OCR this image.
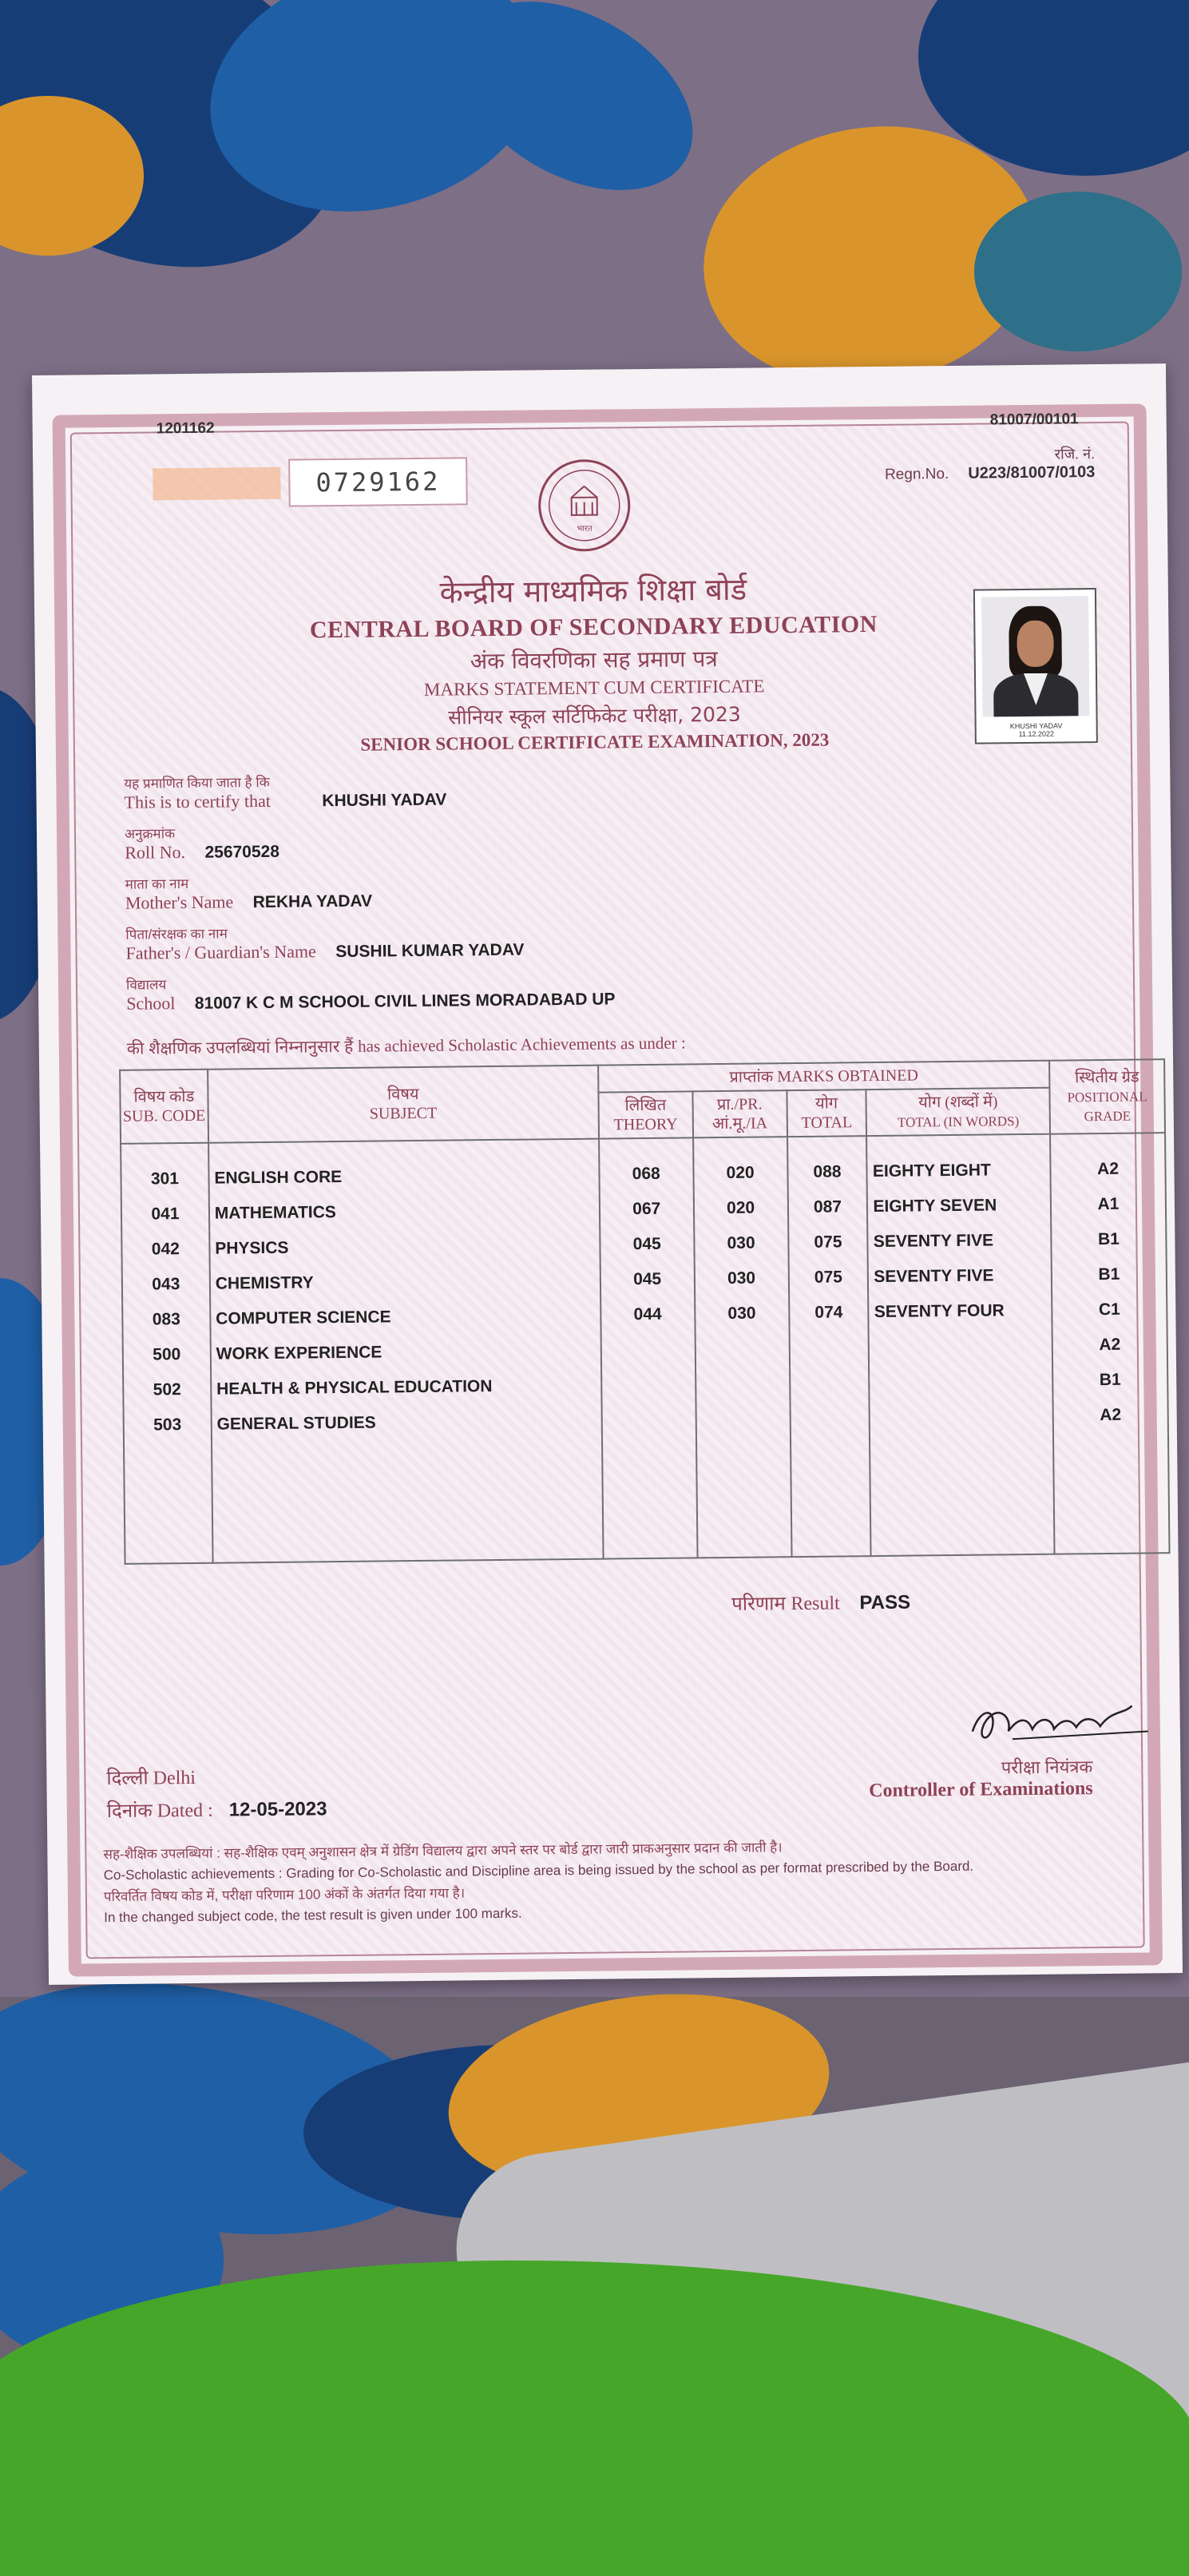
1201162
81007/00101
0729162
रजि. नं.
Regn.No. U223/81007/0103
भारत

केन्द्रीय माध्यमिक शिक्षा बोर्ड

CENTRAL BOARD OF SECONDARY EDUCATION

अंक विवरणिका सह प्रमाण पत्र

MARKS STATEMENT CUM CERTIFICATE

सीनियर स्कूल सर्टिफिकेट परीक्षा, 2023

SENIOR SCHOOL CERTIFICATE EXAMINATION, 2023

KHUSHI YADAV
11.12.2022
यह प्रमाणित किया जाता है कि
This is to certify that	KHUSHI YADAV
अनुक्रमांक
Roll No. 25670528
माता का नाम
Mother's Name REKHA YADAV
पिता/संरक्षक का नाम
Father's / Guardian's Name SUSHIL KUMAR YADAV
विद्यालय
School 81007 K C M SCHOOL CIVIL LINES MORADABAD UP
की शैक्षणिक उपलब्धियां निम्नानुसार हैं has achieved Scholastic Achievements as under :
विषय कोड
SUB. CODE	विषय
SUBJECT	प्राप्तांक MARKS OBTAINED				स्थितीय ग्रेड
POSITIONAL GRADE
		लिखित
THEORY	प्रा./PR.
आं.मू./IA	योग
TOTAL	योग (शब्दों में)
TOTAL (IN WORDS)	
301	ENGLISH CORE	068	020	088	EIGHTY EIGHT	A2
041	MATHEMATICS	067	020	087	EIGHTY SEVEN	A1
042	PHYSICS	045	030	075	SEVENTY FIVE	B1
043	CHEMISTRY	045	030	075	SEVENTY FIVE	B1
083	COMPUTER SCIENCE	044	030	074	SEVENTY FOUR	C1
500	WORK EXPERIENCE					A2
502	HEALTH & PHYSICAL EDUCATION					B1
503	GENERAL STUDIES					A2

परिणाम Result PASS
परीक्षा नियंत्रक
Controller of Examinations
दिल्ली Delhi
दिनांक Dated : 12-05-2023
सह-शैक्षिक उपलब्धियां : सह-शैक्षिक एवम् अनुशासन क्षेत्र में ग्रेडिंग विद्यालय द्वारा अपने स्तर पर बोर्ड द्वारा जारी प्राकअनुसार प्रदान की जाती है।
Co-Scholastic achievements : Grading for Co-Scholastic and Discipline area is being issued by the school as per format prescribed by the Board.
परिवर्तित विषय कोड में, परीक्षा परिणाम 100 अंकों के अंतर्गत दिया गया है।
In the changed subject code, the test result is given under 100 marks.
